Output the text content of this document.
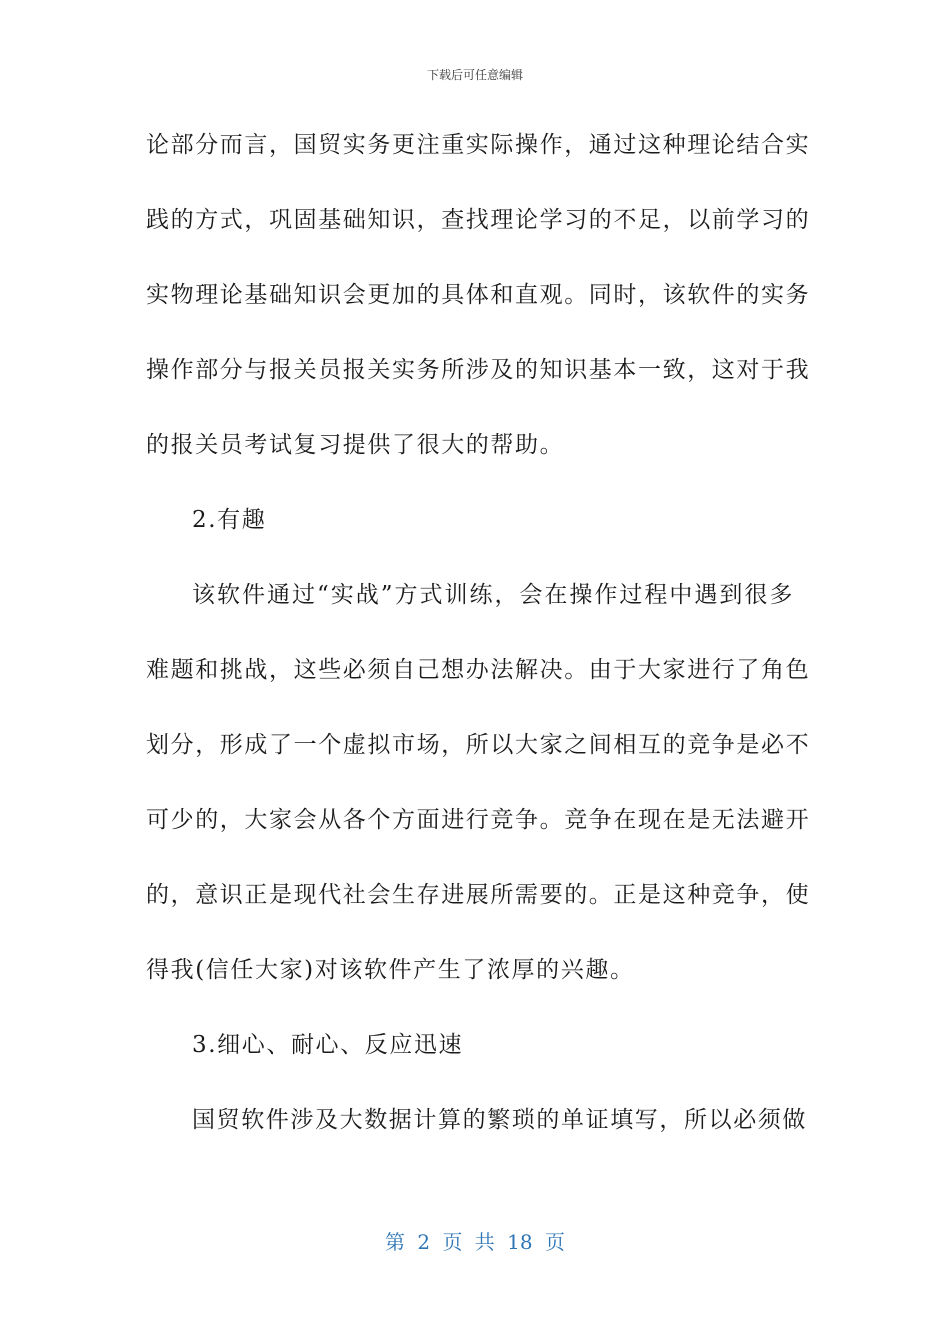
下载后可任意编辑
论部分而言，国贸实务更注重实际操作，通过这种理论结合实
践的方式，巩固基础知识，查找理论学习的不足，以前学习的
实物理论基础知识会更加的具体和直观。同时，该软件的实务
操作部分与报关员报关实务所涉及的知识基本一致，这对于我
的报关员考试复习提供了很大的帮助。
2.有趣
该软件通过“实战”方式训练，会在操作过程中遇到很多
难题和挑战，这些必须自己想办法解决。由于大家进行了角色
划分，形成了一个虚拟市场，所以大家之间相互的竞争是必不
可少的，大家会从各个方面进行竞争。竞争在现在是无法避开
的，意识正是现代社会生存进展所需要的。正是这种竞争，使
得我(信任大家)对该软件产生了浓厚的兴趣。
3.细心、耐心、反应迅速
国贸软件涉及大数据计算的繁琐的单证填写，所以必须做
第 2 页 共 18 页
